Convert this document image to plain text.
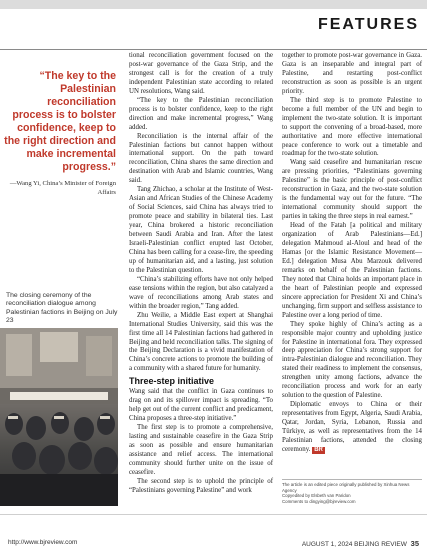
FEATURES

“The key to the Palestinian reconciliation process is to bolster confidence, keep to the right direction and make incremental progress.”

—Wang Yi, China’s Minister of Foreign Affairs

The closing ceremony of the reconciliation dialogue among Palestinian factions in Beijing on July 23

tional reconciliation government focused on the post-war governance of the Gaza Strip, and the strongest call is for the creation of a truly independent Palestinian state according to related UN resolutions, Wang said.

“The key to the Palestinian reconciliation process is to bolster confidence, keep to the right direction and make incremental progress,” Wang added.

Reconciliation is the internal affair of the Palestinian factions but cannot happen without international support. On the path toward reconciliation, China shares the same direction and destination with Arab and Islamic countries, Wang said.

Tang Zhichao, a scholar at the Institute of West-Asian and African Studies of the Chinese Academy of Social Sciences, said China has always tried to promote peace and stability in bilateral ties. Last year, China brokered a historic reconciliation between Saudi Arabia and Iran. After the latest Israeli-Palestinian conflict erupted last October, China has been calling for a cease-fire, the speeding up of humanitarian aid, and a lasting, just solution to the Palestinian question.

“China’s stabilizing efforts have not only helped ease tensions within the region, but also catalyzed a wave of reconciliations among Arab states and within the broader region,” Tang added.

Zhu Weilie, a Middle East expert at Shanghai International Studies University, said this was the first time all 14 Palestinian factions had gathered in Beijing and held reconciliation talks. The signing of the Beijing Declaration is a vivid manifestation of China’s concrete actions to promote the building of a community with a shared future for humanity.

Three-step initiative

Wang said that the conflict in Gaza continues to drag on and its spillover impact is spreading. “To help get out of the current conflict and predicament, China proposes a three-step initiative.”

The first step is to promote a comprehensive, lasting and sustainable ceasefire in the Gaza Strip as soon as possible and ensure humanitarian assistance and relief access. The international community should further unite on the issue of ceasefire.

The second step is to uphold the principle of “Palestinians governing Palestine” and work

together to promote post-war governance in Gaza. Gaza is an inseparable and integral part of Palestine, and restarting post-conflict reconstruction as soon as possible is an urgent priority.

The third step is to promote Palestine to become a full member of the UN and begin to implement the two-state solution. It is important to support the convening of a broad-based, more authoritative and more effective international peace conference to work out a timetable and roadmap for the two-state solution.

Wang said ceasefire and humanitarian rescue are pressing priorities, “Palestinians governing Palestine” is the basic principle of post-conflict reconstruction in Gaza, and the two-state solution is the fundamental way out for the future. “The international community should support the parties in taking the three steps in real earnest.”

Head of the Fatah [a political and military organization of Arab Palestinians—Ed.] delegation Mahmoud al-Aloul and head of the Hamas [or the Islamic Resistance Movement—Ed.] delegation Musa Abu Marzouk delivered remarks on behalf of the Palestinian factions. They noted that China holds an important place in the heart of Palestinian people and expressed sincere appreciation for President Xi and China’s unchanging, firm support and selfless assistance to Palestine over a long period of time.

They spoke highly of China’s acting as a responsible major country and upholding justice for Palestine in international fora. They expressed deep appreciation for China’s strong support for intra-Palestinian dialogue and reconciliation. They stated their readiness to implement the consensus, strengthen unity among factions, advance the reconciliation process and work for an early solution to the question of Palestine.

Diplomatic envoys to China or their representatives from Egypt, Algeria, Saudi Arabia, Qatar, Jordan, Syria, Lebanon, Russia and Türkiye, as well as representatives from the 14 Palestinian factions, attended the closing ceremony. BR

The article is an edited piece originally published by Xinhua News Agency
Copyedited by Elsbeth van Paridon
Comments to dingying@bjreview.com

http://www.bjreview.com	AUGUST 1, 2024 BEIJING REVIEW 35
